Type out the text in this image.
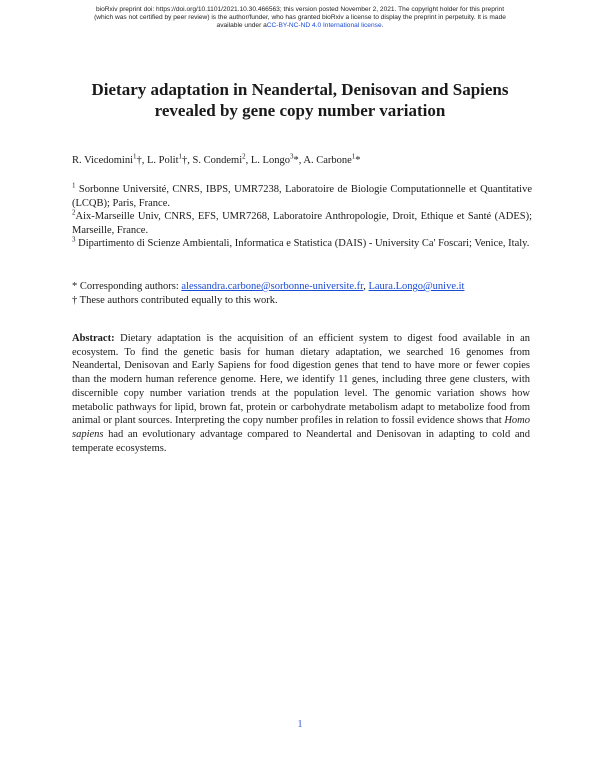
bioRxiv preprint doi: https://doi.org/10.1101/2021.10.30.466563; this version posted November 2, 2021. The copyright holder for this preprint
(which was not certified by peer review) is the author/funder, who has granted bioRxiv a license to display the preprint in perpetuity. It is made
available under aCC-BY-NC-ND 4.0 International license.
Dietary adaptation in Neandertal, Denisovan and Sapiens
revealed by gene copy number variation
R. Vicedomini$^1$†, L. Polit$^1$†, S. Condemi$^2$, L. Longo$^3$*, A. Carbone$^1$*

$^1$ Sorbonne Université, CNRS, IBPS, UMR7238, Laboratoire de Biologie Computationnelle et Quantitative (LCQB); Paris, France.

$^2$Aix-Marseille Univ, CNRS, EFS, UMR7268, Laboratoire Anthropologie, Droit, Ethique et Santé (ADES); Marseille, France.

$^3$ Dipartimento di Scienze Ambientali, Informatica e Statistica (DAIS) - University Ca' Foscari; Venice, Italy.

* Corresponding authors: alessandra.carbone@sorbonne-universite.fr, Laura.Longo@unive.it

† These authors contributed equally to this work.

Abstract: Dietary adaptation is the acquisition of an efficient system to digest food available in an ecosystem. To find the genetic basis for human dietary adaptation, we searched 16 genomes from Neandertal, Denisovan and Early Sapiens for food digestion genes that tend to have more or fewer copies than the modern human reference genome. Here, we identify 11 genes, including three gene clusters, with discernible copy number variation trends at the population level. The genomic variation shows how metabolic pathways for lipid, brown fat, protein or carbohydrate metabolism adapt to metabolize food from animal or plant sources. Interpreting the copy number profiles in relation to fossil evidence shows that Homo sapiens had an evolutionary advantage compared to Neandertal and Denisovan in adapting to cold and temperate ecosystems.

1
